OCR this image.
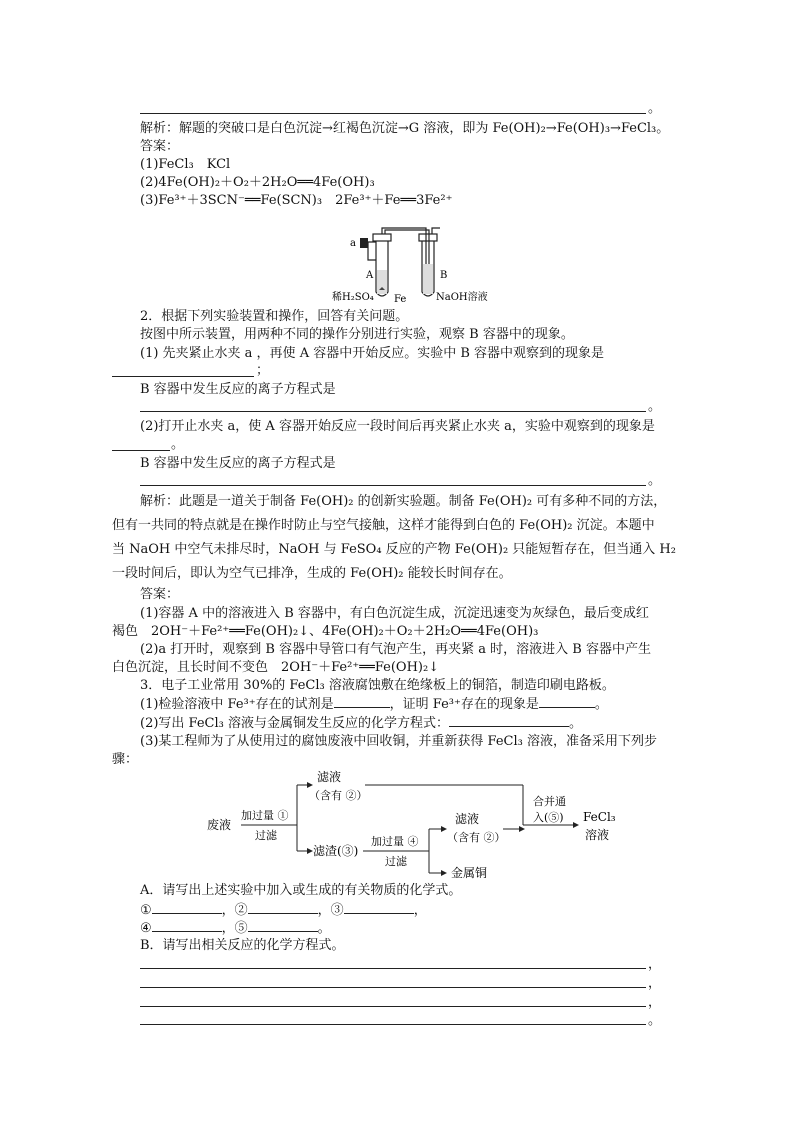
。
解析：解题的突破口是白色沉淀→红褐色沉淀→G 溶液，即为 Fe(OH)₂→Fe(OH)₃→FeCl₃。
答案：
(1)FeCl₃　KCl
(2)4Fe(OH)₂＋O₂＋2H₂O══4Fe(OH)₃
(3)Fe³⁺＋3SCN⁻══Fe(SCN)₃　2Fe³⁺＋Fe══3Fe²⁺
a
A	B
稀H₂SO₄ Fe	NaOH溶液
2．根据下列实验装置和操作，回答有关问题。
按图中所示装置，用两种不同的操作分别进行实验，观察 B 容器中的现象。
(1) 先夹紧止水夹 a ，再使 A 容器中开始反应。实验中 B 容器中观察到的现象是
；
B 容器中发生反应的离子方程式是
。
(2)打开止水夹 a，使 A 容器开始反应一段时间后再夹紧止水夹 a，实验中观察到的现象是
。
B 容器中发生反应的离子方程式是
。
解析：此题是一道关于制备 Fe(OH)₂ 的创新实验题。制备 Fe(OH)₂ 可有多种不同的方法，
但有一共同的特点就是在操作时防止与空气接触，这样才能得到白色的 Fe(OH)₂ 沉淀。本题中
当 NaOH 中空气未排尽时，NaOH 与 FeSO₄ 反应的产物 Fe(OH)₂ 只能短暂存在，但当通入 H₂
一段时间后，即认为空气已排净，生成的 Fe(OH)₂ 能较长时间存在。
答案：
(1)容器 A 中的溶液进入 B 容器中，有白色沉淀生成，沉淀迅速变为灰绿色，最后变成红
褐色　2OH⁻＋Fe²⁺══Fe(OH)₂↓、4Fe(OH)₂＋O₂＋2H₂O══4Fe(OH)₃
(2)a 打开时，观察到 B 容器中导管口有气泡产生，再夹紧 a 时，溶液进入 B 容器中产生
白色沉淀，且长时间不变色　2OH⁻＋Fe²⁺══Fe(OH)₂↓
3．电子工业常用 30%的 FeCl₃ 溶液腐蚀敷在绝缘板上的铜箔，制造印刷电路板。
(1)检验溶液中 Fe³⁺存在的试剂是	，证明 Fe³⁺存在的现象是	。
(2)写出 FeCl₃ 溶液与金属铜发生反应的化学方程式：	。
(3)某工程师为了从使用过的腐蚀废液中回收铜，并重新获得 FeCl₃ 溶液，准备采用下列步
骤：
废液
加过量 ①
过滤
滤液
（含有 ②）
滤渣(③)
加过量 ④
过滤
滤液
（含有 ②）
金属铜
合并通
入(⑤) FeCl₃
溶液
A．请写出上述实验中加入或生成的有关物质的化学式。
①	，②	，③	，
④	，⑤	。
B．请写出相关反应的化学方程式。
，
，
，
。
